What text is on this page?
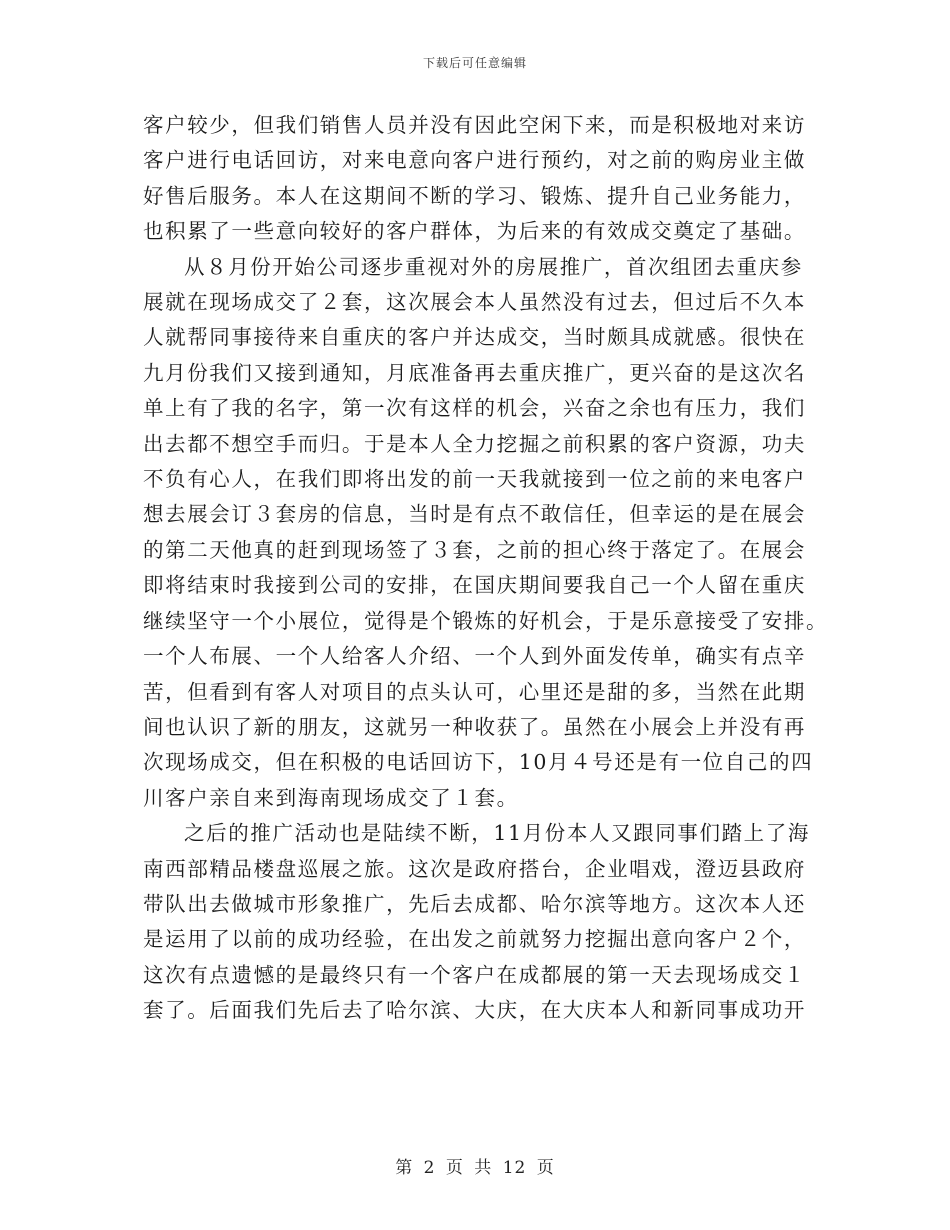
下载后可任意编辑

客户较少，但我们销售人员并没有因此空闲下来，而是积极地对来访
客户进行电话回访，对来电意向客户进行预约，对之前的购房业主做
好售后服务。本人在这期间不断的学习、锻炼、提升自己业务能力，
也积累了一些意向较好的客户群体，为后来的有效成交奠定了基础。

从８月份开始公司逐步重视对外的房展推广，首次组团去重庆参
展就在现场成交了２套，这次展会本人虽然没有过去，但过后不久本
人就帮同事接待来自重庆的客户并达成交，当时颇具成就感。很快在
九月份我们又接到通知，月底准备再去重庆推广，更兴奋的是这次名
单上有了我的名字，第一次有这样的机会，兴奋之余也有压力，我们
出去都不想空手而归。于是本人全力挖掘之前积累的客户资源，功夫
不负有心人，在我们即将出发的前一天我就接到一位之前的来电客户
想去展会订３套房的信息，当时是有点不敢信任，但幸运的是在展会
的第二天他真的赶到现场签了３套，之前的担心终于落定了。在展会
即将结束时我接到公司的安排，在国庆期间要我自己一个人留在重庆
继续坚守一个小展位，觉得是个锻炼的好机会，于是乐意接受了安排。
一个人布展、一个人给客人介绍、一个人到外面发传单，确实有点辛
苦，但看到有客人对项目的点头认可，心里还是甜的多，当然在此期
间也认识了新的朋友，这就另一种收获了。虽然在小展会上并没有再
次现场成交，但在积极的电话回访下，10月４号还是有一位自己的四
川客户亲自来到海南现场成交了１套。

之后的推广活动也是陆续不断，11月份本人又跟同事们踏上了海
南西部精品楼盘巡展之旅。这次是政府搭台，企业唱戏，澄迈县政府
带队出去做城市形象推广，先后去成都、哈尔滨等地方。这次本人还
是运用了以前的成功经验，在出发之前就努力挖掘出意向客户２个，
这次有点遗憾的是最终只有一个客户在成都展的第一天去现场成交１
套了。后面我们先后去了哈尔滨、大庆，在大庆本人和新同事成功开

第 2 页 共 12 页
